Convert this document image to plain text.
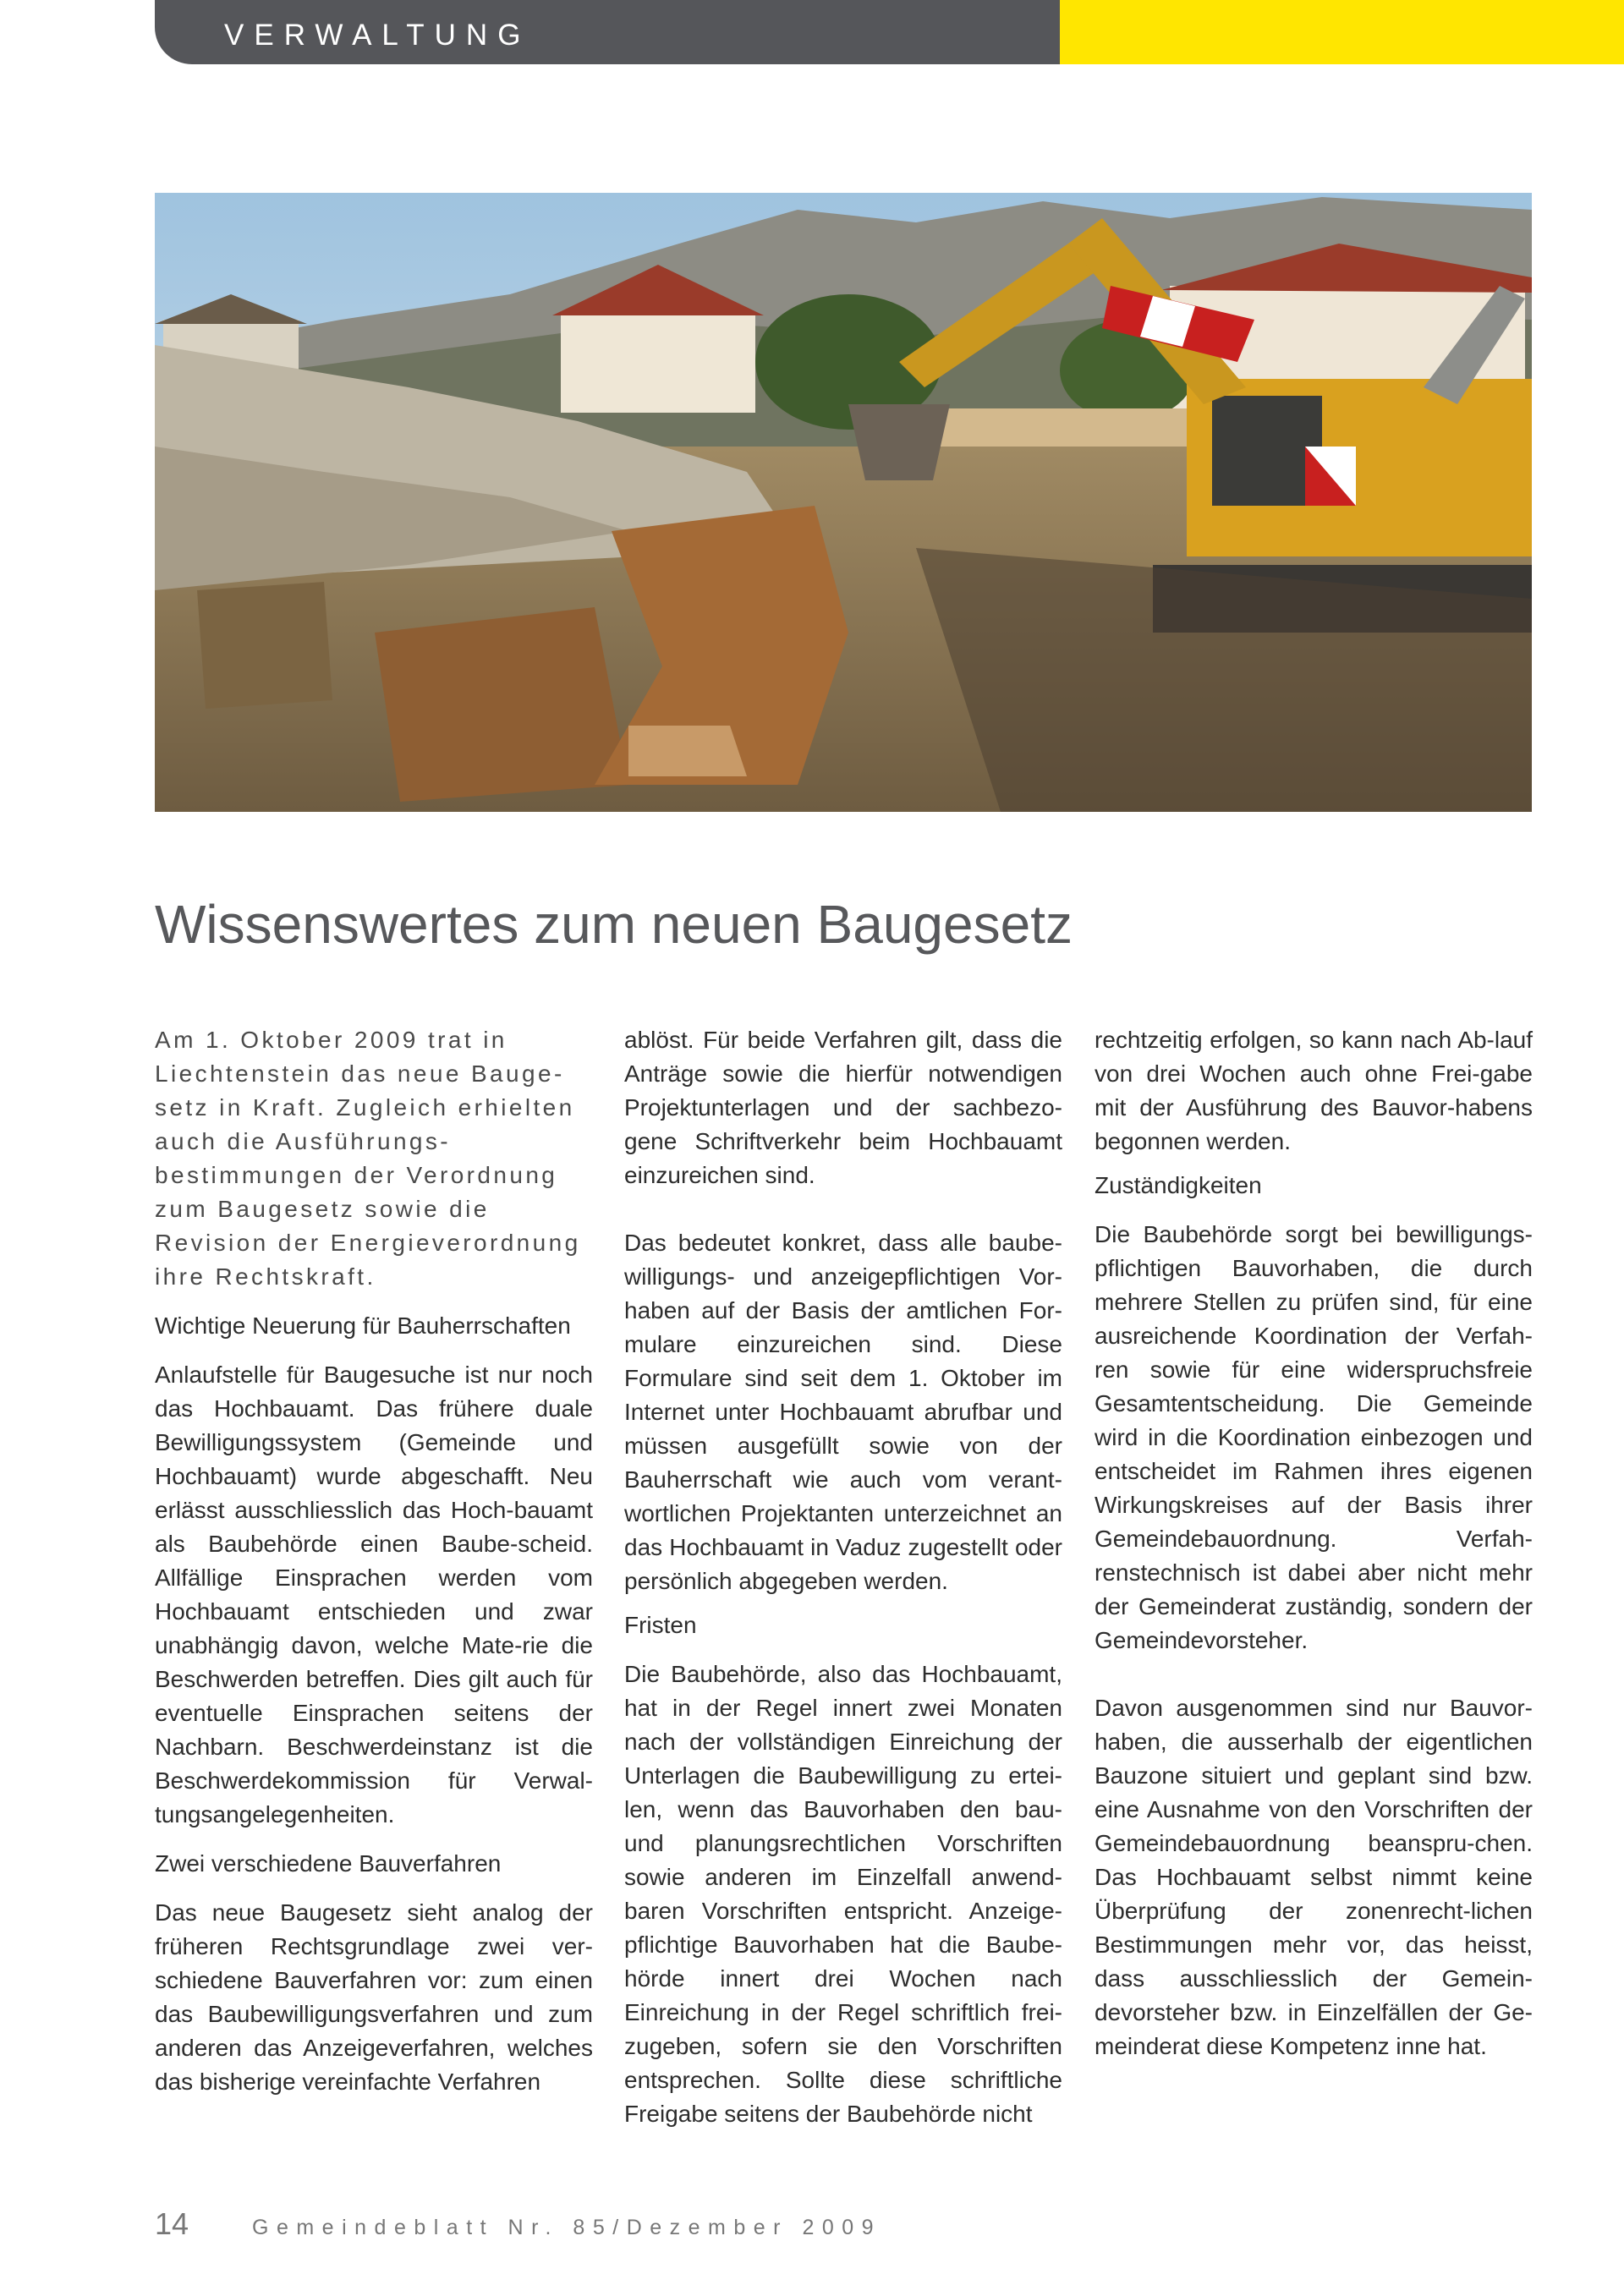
VERWALTUNG
Wissenswertes zum neuen Baugesetz

Am 1. Oktober 2009 trat in Liechtenstein das neue Bauge-setz in Kraft. Zugleich erhielten auch die Ausführungs-bestimmungen der Verordnung zum Baugesetz sowie die Revision der Energieverordnung ihre Rechtskraft.

Wichtige Neuerung für Bauherrschaften

Anlaufstelle für Baugesuche ist nur noch das Hochbauamt. Das frühere duale Bewilligungssystem (Gemeinde und Hochbauamt) wurde abgeschafft. Neu erlässt ausschliesslich das Hoch-bauamt als Baubehörde einen Baube-scheid. Allfällige Einsprachen werden vom Hochbauamt entschieden und zwar unabhängig davon, welche Mate-rie die Beschwerden betreffen. Dies gilt auch für eventuelle Einsprachen seitens der Nachbarn. Beschwerdeinstanz ist die Beschwerdekommission für Verwal-tungsangelegenheiten.

Zwei verschiedene Bauverfahren

Das neue Baugesetz sieht analog der früheren Rechtsgrundlage zwei ver-schiedene Bauverfahren vor: zum einen das Baubewilligungsverfahren und zum anderen das Anzeigeverfahren, welches das bisherige vereinfachte Verfahren

ablöst. Für beide Verfahren gilt, dass die Anträge sowie die hierfür notwendigen Projektunterlagen und der sachbezo-gene Schriftverkehr beim Hochbauamt einzureichen sind.

Das bedeutet konkret, dass alle baube-willigungs- und anzeigepflichtigen Vor-haben auf der Basis der amtlichen For-mulare einzureichen sind. Diese Formulare sind seit dem 1. Oktober im Internet unter Hochbauamt abrufbar und müssen ausgefüllt sowie von der Bauherrschaft wie auch vom verant-wortlichen Projektanten unterzeichnet an das Hochbauamt in Vaduz zugestellt oder persönlich abgegeben werden.

Fristen

Die Baubehörde, also das Hochbauamt, hat in der Regel innert zwei Monaten nach der vollständigen Einreichung der Unterlagen die Baubewilligung zu ertei-len, wenn das Bauvorhaben den bau- und planungsrechtlichen Vorschriften sowie anderen im Einzelfall anwend-baren Vorschriften entspricht. Anzeige-pflichtige Bauvorhaben hat die Baube-hörde innert drei Wochen nach Einreichung in der Regel schriftlich frei-zugeben, sofern sie den Vorschriften entsprechen. Sollte diese schriftliche Freigabe seitens der Baubehörde nicht

rechtzeitig erfolgen, so kann nach Ab-lauf von drei Wochen auch ohne Frei-gabe mit der Ausführung des Bauvor-habens begonnen werden.

Zuständigkeiten

Die Baubehörde sorgt bei bewilligungs-pflichtigen Bauvorhaben, die durch mehrere Stellen zu prüfen sind, für eine ausreichende Koordination der Verfah-ren sowie für eine widerspruchsfreie Gesamtentscheidung. Die Gemeinde wird in die Koordination einbezogen und entscheidet im Rahmen ihres eigenen Wirkungskreises auf der Basis ihrer Gemeindebauordnung. Verfah-renstechnisch ist dabei aber nicht mehr der Gemeinderat zuständig, sondern der Gemeindevorsteher.

Davon ausgenommen sind nur Bauvor-haben, die ausserhalb der eigentlichen Bauzone situiert und geplant sind bzw. eine Ausnahme von den Vorschriften der Gemeindebauordnung beanspru-chen. Das Hochbauamt selbst nimmt keine Überprüfung der zonenrecht-lichen Bestimmungen mehr vor, das heisst, dass ausschliesslich der Gemein-devorsteher bzw. in Einzelfällen der Ge-meinderat diese Kompetenz inne hat.

14	Gemeindeblatt Nr. 85/Dezember 2009
